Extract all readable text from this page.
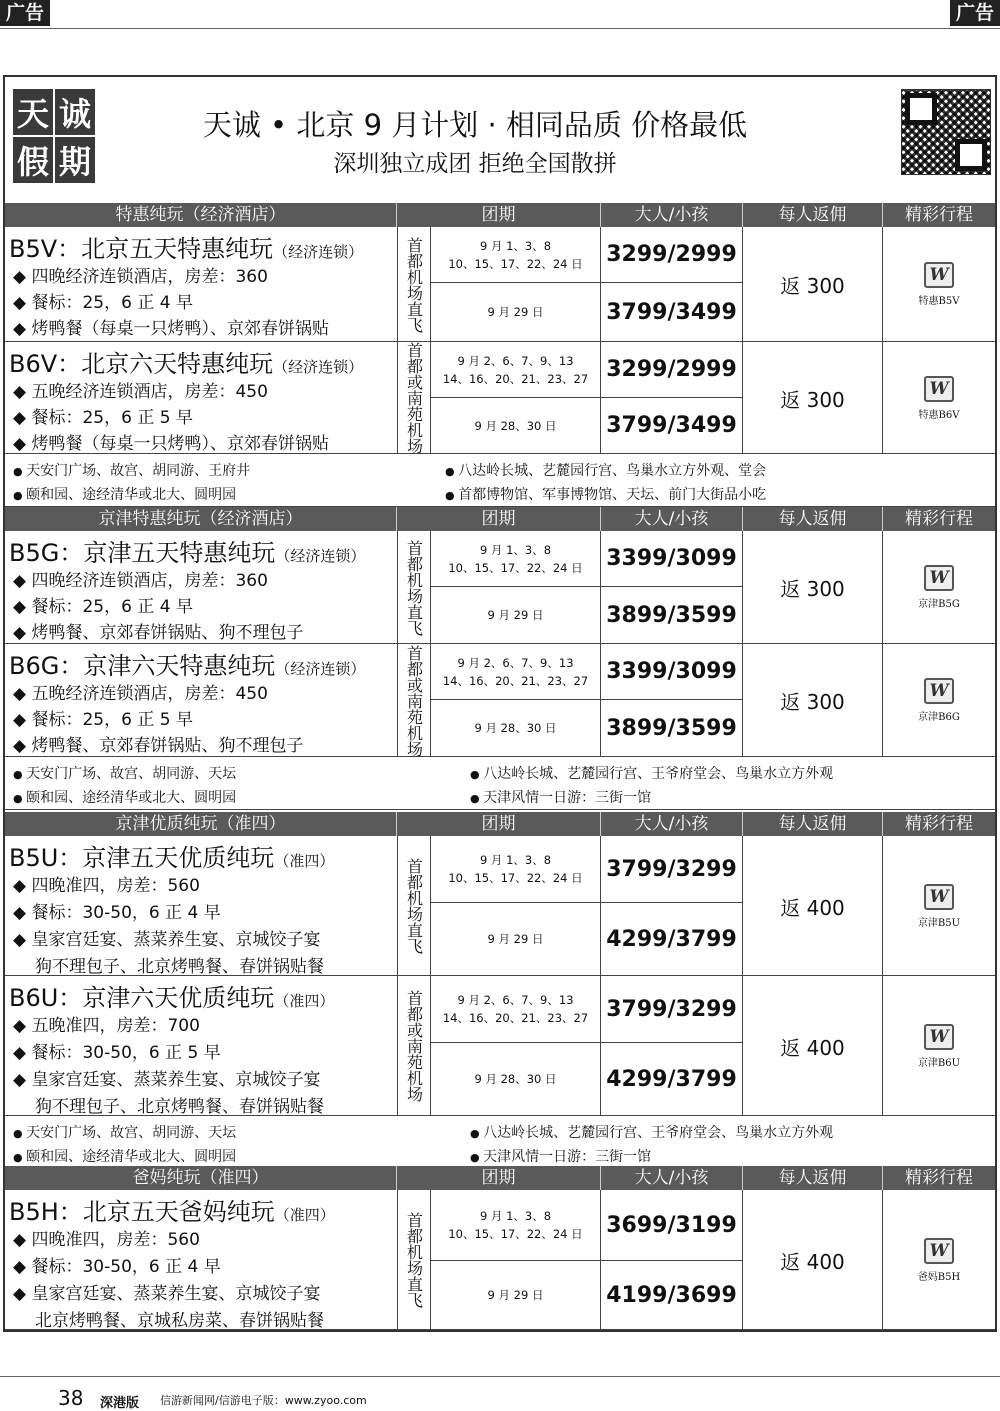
广告	广告
天 诚
假 期
天诚 • 北京 9 月计划 · 相同品质 价格最低
深圳独立成团 拒绝全国散拼
特惠纯玩（经济酒店）	团期	大人/小孩	每人返佣	精彩行程
B5V：北京五天特惠纯玩（经济连锁）
◆ 四晚经济连锁酒店，房差：360
◆ 餐标：25，6 正 4 早
◆ 烤鸭餐（每桌一只烤鸭）、京郊春饼锅贴	首都机场直飞	9 月 1、3、8
10、15、17、22、24 日 3299/2999
9 月 29 日	3799/3499
返 300	W
特惠B5V
B6V：北京六天特惠纯玩（经济连锁）
◆ 五晚经济连锁酒店，房差：450
◆ 餐标：25，6 正 5 早
◆ 烤鸭餐（每桌一只烤鸭）、京郊春饼锅贴	首都或南苑机场	9 月 2、6、7、9、13
14、16、20、21、23、27 3299/2999
9 月 28、30 日 3799/3499
返 300	W
特惠B6V
● 天安门广场、故宫、胡同游、王府井
● 颐和园、途经清华或北大、圆明园
● 八达岭长城、艺麓园行宫、鸟巢水立方外观、堂会
● 首都博物馆、军事博物馆、天坛、前门大街品小吃
京津特惠纯玩（经济酒店）	团期	大人/小孩	每人返佣	精彩行程
B5G：京津五天特惠纯玩（经济连锁）
◆ 四晚经济连锁酒店，房差：360
◆ 餐标：25，6 正 4 早
◆ 烤鸭餐、京郊春饼锅贴、狗不理包子	首都机场直飞	9 月 1、3、8
10、15、17、22、24 日 3399/3099
9 月 29 日	3899/3599
返 300	W
京津B5G
B6G：京津六天特惠纯玩（经济连锁）
◆ 五晚经济连锁酒店，房差：450
◆ 餐标：25，6 正 5 早
◆ 烤鸭餐、京郊春饼锅贴、狗不理包子	首都或南苑机场	9 月 2、6、7、9、13
14、16、20、21、23、27 3399/3099
9 月 28、30 日 3899/3599
返 300	W
京津B6G
● 天安门广场、故宫、胡同游、天坛
● 颐和园、途经清华或北大、圆明园
● 八达岭长城、艺麓园行宫、王爷府堂会、鸟巢水立方外观
● 天津风情一日游：三街一馆
京津优质纯玩（准四）	团期	大人/小孩	每人返佣	精彩行程
B5U：京津五天优质纯玩（准四）
◆ 四晚准四，房差：560
◆ 餐标：30-50，6 正 4 早
◆ 皇家宫廷宴、蒸菜养生宴、京城饺子宴
狗不理包子、北京烤鸭餐、春饼锅贴餐
首都机场直飞	9 月 1、3、8
10、15、17、22、24 日 3799/3299
9 月 29 日	4299/3799
返 400	W
京津B5U
B6U：京津六天优质纯玩（准四）
◆ 五晚准四，房差：700
◆ 餐标：30-50，6 正 5 早
◆ 皇家宫廷宴、蒸菜养生宴、京城饺子宴
狗不理包子、北京烤鸭餐、春饼锅贴餐
首都或南苑机场	9 月 2、6、7、9、13
14、16、20、21、23、27 3799/3299
9 月 28、30 日 4299/3799
返 400	W
京津B6U
● 天安门广场、故宫、胡同游、天坛
● 颐和园、途经清华或北大、圆明园
● 八达岭长城、艺麓园行宫、王爷府堂会、鸟巢水立方外观
● 天津风情一日游：三街一馆
爸妈纯玩（准四）	团期	大人/小孩	每人返佣	精彩行程
B5H：北京五天爸妈纯玩（准四）
◆ 四晚准四，房差：560
◆ 餐标：30-50，6 正 4 早
◆ 皇家宫廷宴、蒸菜养生宴、京城饺子宴
北京烤鸭餐、京城私房菜、春饼锅贴餐
首都机场直飞	9 月 1、3、8
10、15、17、22、24 日 3699/3199
9 月 29 日	4199/3699
返 400	W
爸妈B5H
38 深港版 信游新闻网/信游电子版：www.zyoo.com
